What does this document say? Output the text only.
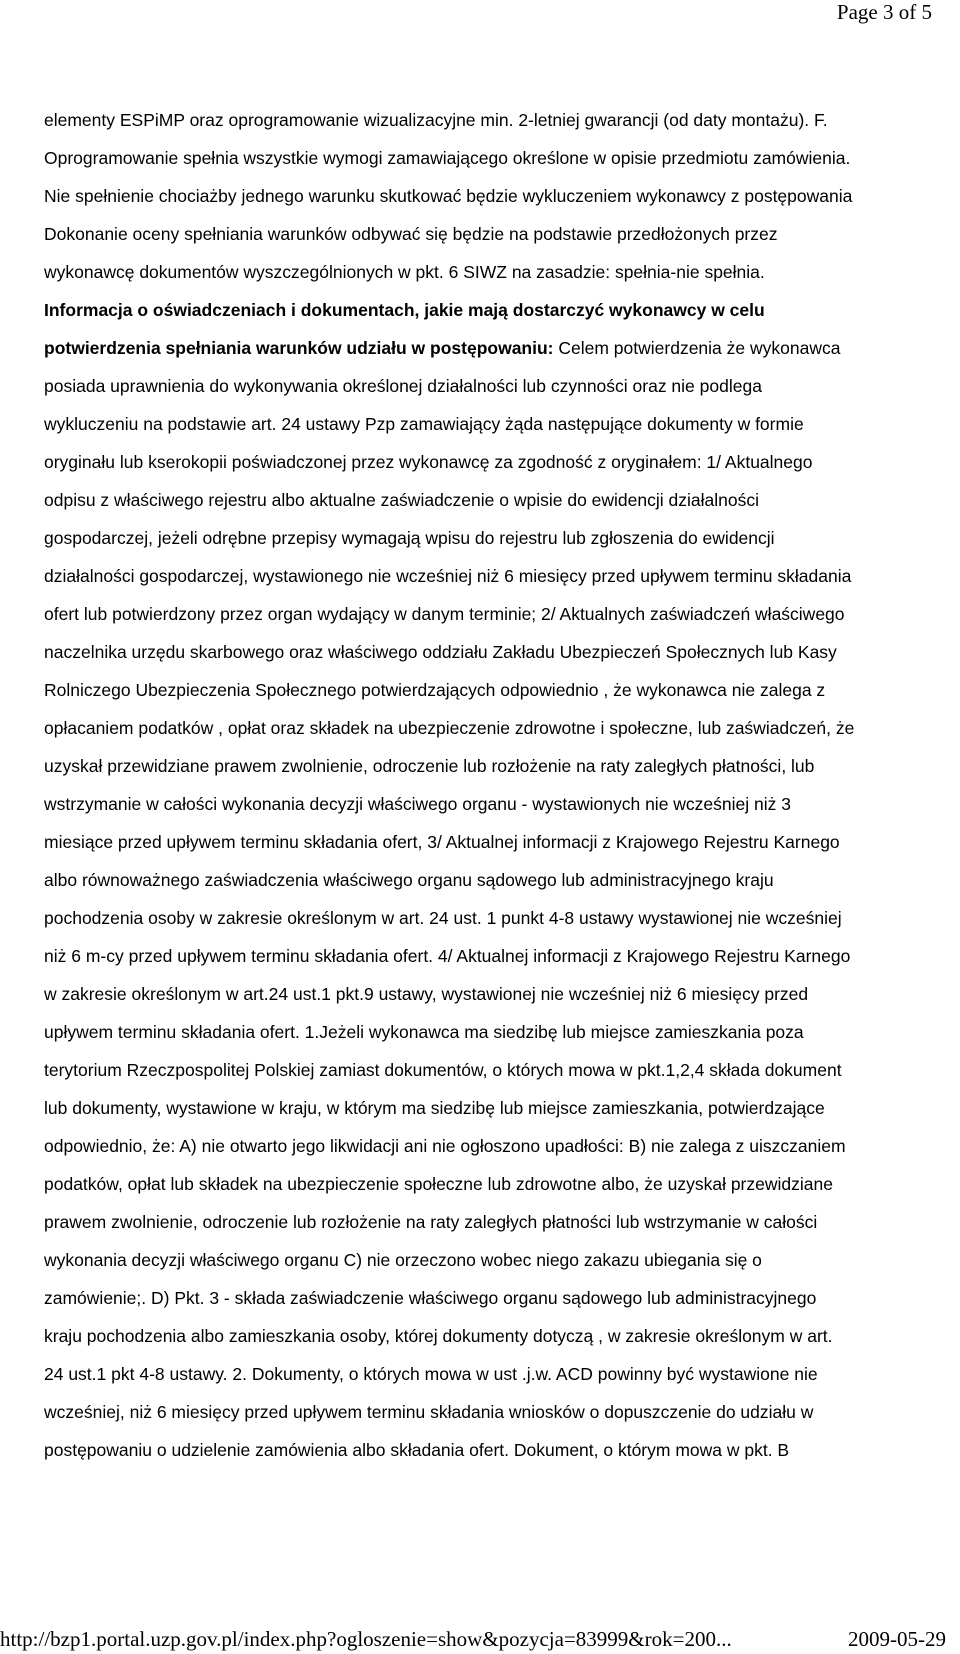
Page 3 of 5
elementy ESPiMP oraz oprogramowanie wizualizacyjne min. 2-letniej gwarancji (od daty montażu). F.
Oprogramowanie spełnia wszystkie wymogi zamawiającego określone w opisie przedmiotu zamówienia.
Nie spełnienie chociażby jednego warunku skutkować będzie wykluczeniem wykonawcy z postępowania
Dokonanie oceny spełniania warunków odbywać się będzie na podstawie przedłożonych przez
wykonawcę dokumentów wyszczególnionych w pkt. 6 SIWZ na zasadzie: spełnia-nie spełnia.
Informacja o oświadczeniach i dokumentach, jakie mają dostarczyć wykonawcy w celu
potwierdzenia spełniania warunków udziału w postępowaniu: Celem potwierdzenia że wykonawca
posiada uprawnienia do wykonywania określonej działalności lub czynności oraz nie podlega
wykluczeniu na podstawie art. 24 ustawy Pzp zamawiający żąda następujące dokumenty w formie
oryginału lub kserokopii poświadczonej przez wykonawcę za zgodność z oryginałem: 1/ Aktualnego
odpisu z właściwego rejestru albo aktualne zaświadczenie o wpisie do ewidencji działalności
gospodarczej, jeżeli odrębne przepisy wymagają wpisu do rejestru lub zgłoszenia do ewidencji
działalności gospodarczej, wystawionego nie wcześniej niż 6 miesięcy przed upływem terminu składania
ofert lub potwierdzony przez organ wydający w danym terminie; 2/ Aktualnych zaświadczeń właściwego
naczelnika urzędu skarbowego oraz właściwego oddziału Zakładu Ubezpieczeń Społecznych lub Kasy
Rolniczego Ubezpieczenia Społecznego potwierdzających odpowiednio , że wykonawca nie zalega z
opłacaniem podatków , opłat oraz składek na ubezpieczenie zdrowotne i społeczne, lub zaświadczeń, że
uzyskał przewidziane prawem zwolnienie, odroczenie lub rozłożenie na raty zaległych płatności, lub
wstrzymanie w całości wykonania decyzji właściwego organu - wystawionych nie wcześniej niż 3
miesiące przed upływem terminu składania ofert, 3/ Aktualnej informacji z Krajowego Rejestru Karnego
albo równoważnego zaświadczenia właściwego organu sądowego lub administracyjnego kraju
pochodzenia osoby w zakresie określonym w art. 24 ust. 1 punkt 4-8 ustawy wystawionej nie wcześniej
niż 6 m-cy przed upływem terminu składania ofert. 4/ Aktualnej informacji z Krajowego Rejestru Karnego
w zakresie określonym w art.24 ust.1 pkt.9 ustawy, wystawionej nie wcześniej niż 6 miesięcy przed
upływem terminu składania ofert. 1.Jeżeli wykonawca ma siedzibę lub miejsce zamieszkania poza
terytorium Rzeczpospolitej Polskiej zamiast dokumentów, o których mowa w pkt.1,2,4 składa dokument
lub dokumenty, wystawione w kraju, w którym ma siedzibę lub miejsce zamieszkania, potwierdzające
odpowiednio, że: A) nie otwarto jego likwidacji ani nie ogłoszono upadłości: B) nie zalega z uiszczaniem
podatków, opłat lub składek na ubezpieczenie społeczne lub zdrowotne albo, że uzyskał przewidziane
prawem zwolnienie, odroczenie lub rozłożenie na raty zaległych płatności lub wstrzymanie w całości
wykonania decyzji właściwego organu C) nie orzeczono wobec niego zakazu ubiegania się o
zamówienie;. D) Pkt. 3 - składa zaświadczenie właściwego organu sądowego lub administracyjnego
kraju pochodzenia albo zamieszkania osoby, której dokumenty dotyczą , w zakresie określonym w art.
24 ust.1 pkt 4-8 ustawy. 2. Dokumenty, o których mowa w ust .j.w. ACD powinny być wystawione nie
wcześniej, niż 6 miesięcy przed upływem terminu składania wniosków o dopuszczenie do udziału w
postępowaniu o udzielenie zamówienia albo składania ofert. Dokument, o którym mowa w pkt. B
http://bzp1.portal.uzp.gov.pl/index.php?ogloszenie=show&pozycja=83999&rok=200...	2009-05-29
